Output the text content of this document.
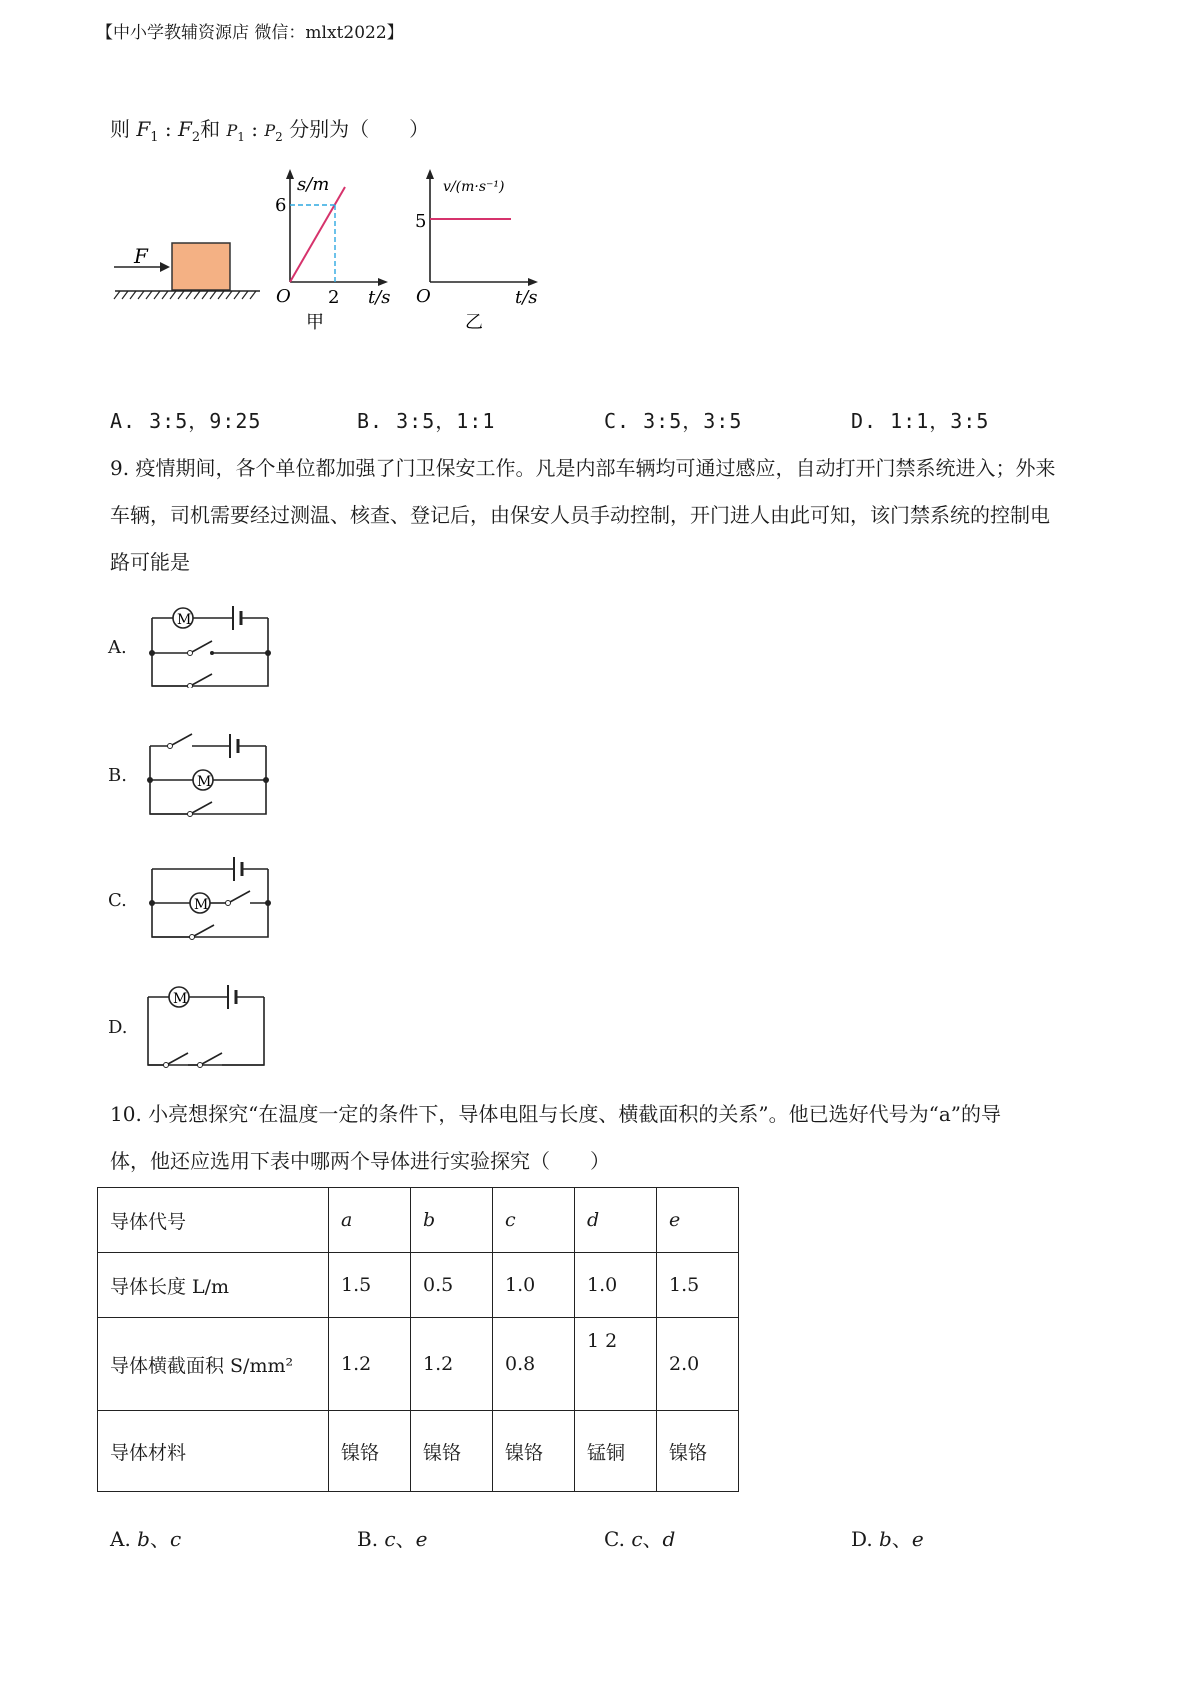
【中小学教辅资源店 微信：mlxt2022】
则 $F_1$ : $F_2$和 $P_1$ : $P_2$ 分别为（　　）
F
s/m
6
O 2 t/s
甲
v/(m·s⁻¹)
5
O	t/s
乙
A. 3:5，9:25	B. 3:5，1:1	C. 3:5，3:5	D. 1:1，3:5
9. 疫情期间，各个单位都加强了门卫保安工作。凡是内部车辆均可通过感应，自动打开门禁系统进入；外来
车辆，司机需要经过测温、核查、登记后，由保安人员手动控制，开门进人由此可知，该门禁系统的控制电
路可能是
A.
M
B.	M
C.	M
D.
M
10. 小亮想探究“在温度一定的条件下，导体电阻与长度、横截面积的关系”。他已选好代号为“a”的导
体，他还应选用下表中哪两个导体进行实验探究（　　）
导体代号	a	b	c	d	e
导体长度 L/m	1.5	0.5	1.0	1.0	1.5
导体横截面积 S/mm²	1.2	1.2	0.8	1 2	2.0
导体材料	镍铬	镍铬	镍铬	锰铜	镍铬
A. b、c	B. c、e	C. c、d	D. b、e
